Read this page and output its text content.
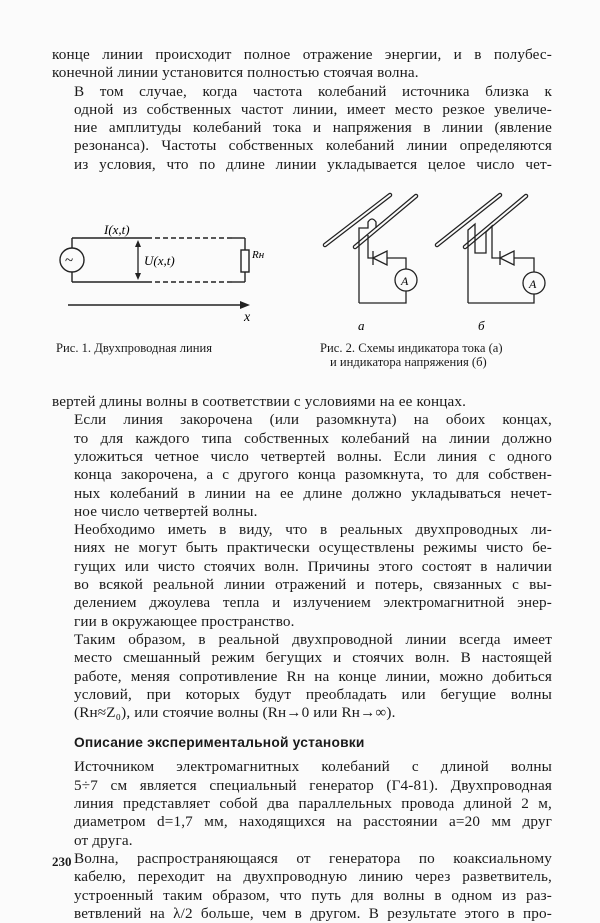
конце линии происходит полное отражение энергии, и в полубес-
конечной линии установится полностью стоячая волна.

В том случае, когда частота колебаний источника близка к
одной из собственных частот линии, имеет место резкое увеличе-
ние амплитуды колебаний тока и напряжения в линии (явление
резонанса). Частоты собственных колебаний линии определяются
из условия, что по длине линии укладывается целое число чет-

~	Rн
U(x,t)
I(x,t)
x
Рис. 1. Двухпроводная линия
A
а
A
б
Рис. 2. Схемы индикатора тока (а)
и индикатора напряжения (б)

вертей длины волны в соответствии с условиями на ее концах.

Если линия закорочена (или разомкнута) на обоих концах,
то для каждого типа собственных колебаний на линии должно
уложиться четное число четвертей волны. Если линия с одного
конца закорочена, а с другого конца разомкнута, то для собствен-
ных колебаний в линии на ее длине должно укладываться нечет-
ное число четвертей волны.

Необходимо иметь в виду, что в реальных двухпроводных ли-
ниях не могут быть практически осуществлены режимы чисто бе-
гущих или чисто стоячих волн. Причины этого состоят в наличии
во всякой реальной линии отражений и потерь, связанных с вы-
делением джоулева тепла и излучением электромагнитной энер-
гии в окружающее пространство.

Таким образом, в реальной двухпроводной линии всегда имеет
место смешанный режим бегущих и стоячих волн. В настоящей
работе, меняя сопротивление Rн на конце линии, можно добиться
условий, при которых будут преобладать или бегущие волны
(Rн≈Z₀), или стоячие волны (Rн→0 или Rн→∞).

Описание экспериментальной установки

Источником электромагнитных колебаний с длиной волны
5÷7 см является специальный генератор (Г4-81). Двухпроводная
линия представляет собой два параллельных провода длиной 2 м,
диаметром d=1,7 мм, находящихся на расстоянии a=20 мм друг
от друга.

Волна, распространяющаяся от генератора по коаксиальному
кабелю, переходит на двухпроводную линию через разветвитель,
устроенный таким образом, что путь для волны в одном из раз-
ветвлений на λ/2 больше, чем в другом. В результате этого в про-

230
